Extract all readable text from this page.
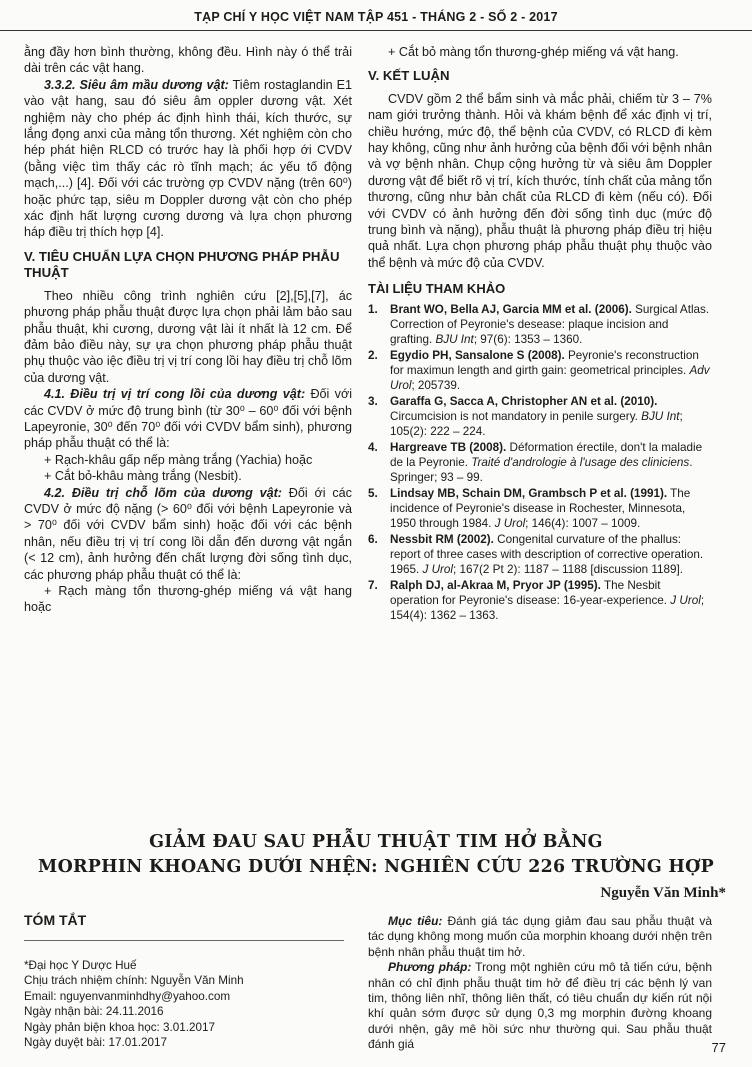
TẠP CHÍ Y HỌC VIỆT NAM TẬP 451 - THÁNG 2 - SỐ 2 - 2017

ằng đầy hơn bình thường, không đều. Hình này ó thể trải dài trên các vật hang.

3.3.2. Siêu âm mầu dương vật: Tiêm rostaglandin E1 vào vật hang, sau đó siêu âm oppler dương vật. Xét nghiệm này cho phép ác định hình thái, kích thước, sự lắng đọng anxi của mảng tổn thương. Xét nghiệm còn cho hép phát hiện RLCD có trước hay là phối hợp ới CVDV (bằng việc tìm thấy các rò tĩnh mạch; ác yếu tố động mạch,...) [4]. Đối với các trường ợp CVDV nặng (trên 60⁰) hoặc phức tạp, siêu m Doppler dương vật còn cho phép xác định hất lượng cương dương và lựa chọn phương háp điều trị thích hợp [4].

V. TIÊU CHUẨN LỰA CHỌN PHƯƠNG PHÁP PHẪU THUẬT

Theo nhiều công trình nghiên cứu [2],[5],[7], ác phương pháp phẫu thuật được lựa chọn phải lảm bảo sau phẫu thuật, khi cương, dương vật lài ít nhất là 12 cm. Để đảm bảo điều này, sự ựa chọn phương pháp phẫu thuật phụ thuộc vào iệc điều trị vị trí cong lồi hay điều trị chỗ lõm của dương vật.

4.1. Điều trị vị trí cong lồi của dương vật: Đối với các CVDV ở mức độ trung bình (từ 30⁰ – 60⁰ đối với bệnh Lapeyronie, 30⁰ đến 70⁰ đối với CVDV bẩm sinh), phương pháp phẫu thuật có thể là:

+ Rạch-khâu gấp nếp màng trắng (Yachia) hoặc

+ Cắt bỏ-khâu màng trắng (Nesbit).

4.2. Điều trị chỗ lõm của dương vật: Đối ới các CVDV ở mức độ nặng (> 60⁰ đối với bệnh Lapeyronie và > 70⁰ đối với CVDV bẩm sinh) hoặc đối với các bệnh nhân, nếu điều trị vị trí cong lồi dẫn đến dương vật ngắn (< 12 cm), ảnh hưởng đến chất lượng đời sống tình dục, các phương pháp phẫu thuật có thể là:

+ Rạch màng tổn thương-ghép miếng vá vật hang hoặc

+ Cắt bỏ màng tổn thương-ghép miếng vá vật hang.

V. KẾT LUẬN

CVDV gồm 2 thể bẩm sinh và mắc phải, chiếm từ 3 – 7% nam giới trưởng thành. Hỏi và khám bệnh để xác định vị trí, chiều hướng, mức độ, thể bệnh của CVDV, có RLCD đi kèm hay không, cũng như ảnh hưởng của bệnh đối với bệnh nhân và vợ bệnh nhân. Chụp cộng hưởng từ và siêu âm Doppler dương vật để biết rõ vị trí, kích thước, tính chất của mảng tổn thương, cũng như bản chất của RLCD đi kèm (nếu có). Đối với CVDV có ảnh hưởng đến đời sống tình dục (mức độ trung bình và nặng), phẫu thuật là phương pháp điều trị hiệu quả nhất. Lựa chọn phương pháp phẫu thuật phụ thuộc vào thể bệnh và mức độ của CVDV.

TÀI LIỆU THAM KHẢO
1.	Brant WO, Bella AJ, Garcia MM et al. (2006). Surgical Atlas. Correction of Peyronie's desease: plaque incision and grafting. BJU Int; 97(6): 1353 – 1360.
2.	Egydio PH, Sansalone S (2008). Peyronie's reconstruction for maximun length and girth gain: geometrical principles. Adv Urol; 205739.
3.	Garaffa G, Sacca A, Christopher AN et al. (2010). Circumcision is not mandatory in penile surgery. BJU Int; 105(2): 222 – 224.
4.	Hargreave TB (2008). Déformation érectile, don't la maladie de la Peyronie. Traité d'andrologie à l'usage des cliniciens. Springer; 93 – 99.
5.	Lindsay MB, Schain DM, Grambsch P et al. (1991). The incidence of Peyronie's disease in Rochester, Minnesota, 1950 through 1984. J Urol; 146(4): 1007 – 1009.
6.	Nessbit RM (2002). Congenital curvature of the phallus: report of three cases with description of corrective operation. 1965. J Urol; 167(2 Pt 2): 1187 – 1188 [discussion 1189].
7.	Ralph DJ, al-Akraa M, Pryor JP (1995). The Nesbit operation for Peyronie's disease: 16-year-experience. J Urol; 154(4): 1362 – 1363.
GIẢM ĐAU SAU PHẪU THUẬT TIM HỞ BẰNG
MORPHIN KHOANG DƯỚI NHỆN: NGHIÊN CỨU 226 TRƯỜNG HỢP
Nguyễn Văn Minh*
TÓM TẮT
*Đại học Y Dược Huế
Chịu trách nhiệm chính: Nguyễn Văn Minh
Email: nguyenvanminhdhy@yahoo.com
Ngày nhận bài: 24.11.2016
Ngày phản biện khoa học: 3.01.2017
Ngày duyệt bài: 17.01.2017

Mục tiêu: Đánh giá tác dụng giảm đau sau phẫu thuật và tác dụng không mong muốn của morphin khoang dưới nhện trên bệnh nhân phẫu thuật tim hở.

Phương pháp: Trong một nghiên cứu mô tả tiến cứu, bệnh nhân có chỉ định phẫu thuật tim hở để điều trị các bệnh lý van tim, thông liên nhĩ, thông liên thất, có tiêu chuẩn dự kiến rút nội khí quản sớm được sử dụng 0,3 mg morphin đường khoang dưới nhện, gây mê hồi sức như thường qui. Sau phẫu thuật đánh giá	77
